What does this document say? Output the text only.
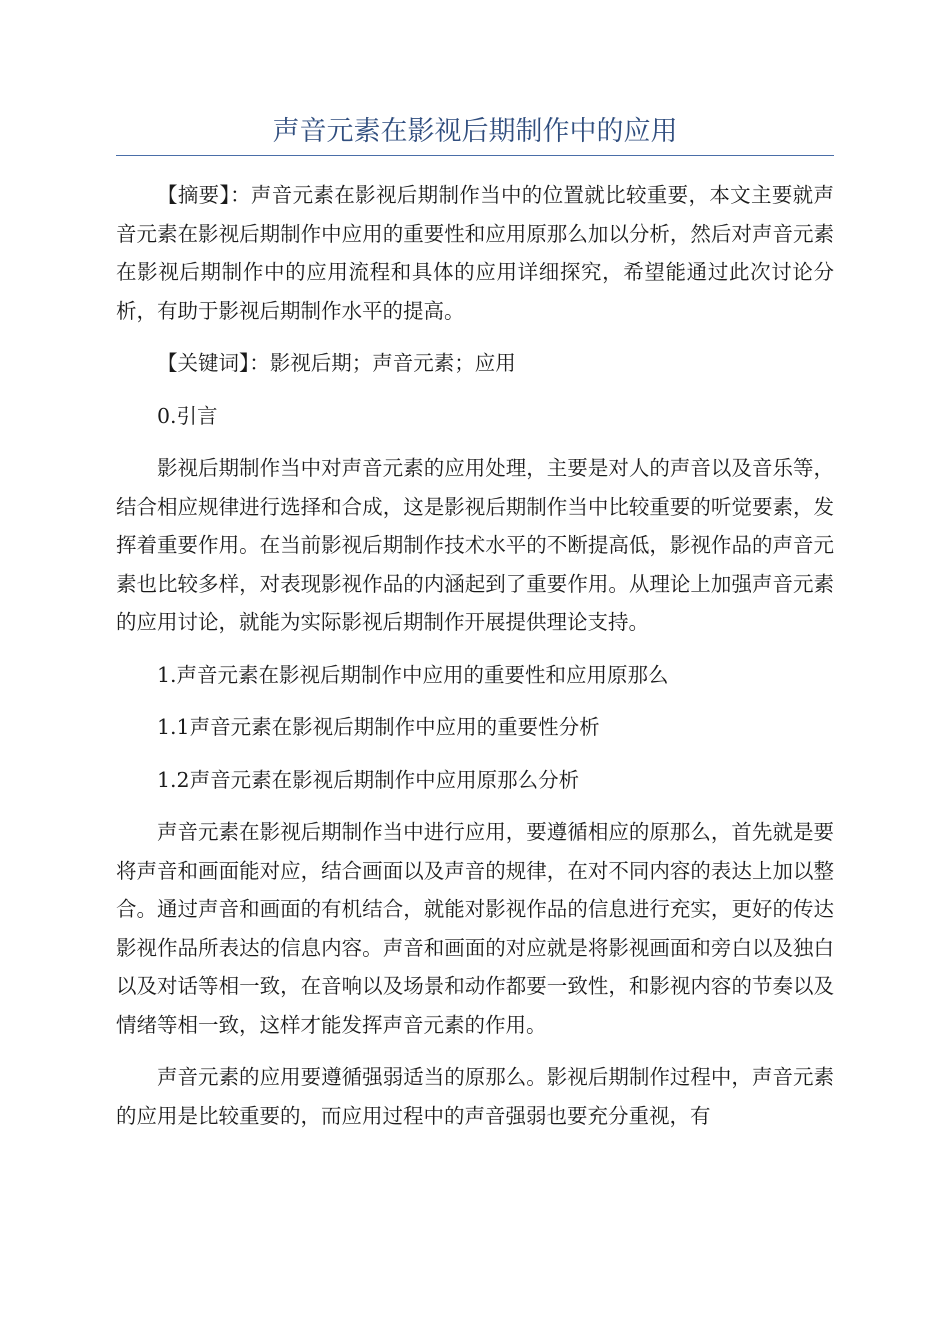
声音元素在影视后期制作中的应用

【摘要】：声音元素在影视后期制作当中的位置就比较重要，本文主要就声音元素在影视后期制作中应用的重要性和应用原那么加以分析，然后对声音元素在影视后期制作中的应用流程和具体的应用详细探究，希望能通过此次讨论分析，有助于影视后期制作水平的提高。

【关键词】：影视后期；声音元素；应用

0.引言

影视后期制作当中对声音元素的应用处理，主要是对人的声音以及音乐等，结合相应规律进行选择和合成，这是影视后期制作当中比较重要的听觉要素，发挥着重要作用。在当前影视后期制作技术水平的不断提高低，影视作品的声音元素也比较多样，对表现影视作品的内涵起到了重要作用。从理论上加强声音元素的应用讨论，就能为实际影视后期制作开展提供理论支持。

1.声音元素在影视后期制作中应用的重要性和应用原那么

1.1声音元素在影视后期制作中应用的重要性分析

1.2声音元素在影视后期制作中应用原那么分析

声音元素在影视后期制作当中进行应用，要遵循相应的原那么，首先就是要将声音和画面能对应，结合画面以及声音的规律，在对不同内容的表达上加以整合。通过声音和画面的有机结合，就能对影视作品的信息进行充实，更好的传达影视作品所表达的信息内容。声音和画面的对应就是将影视画面和旁白以及独白以及对话等相一致，在音响以及场景和动作都要一致性，和影视内容的节奏以及情绪等相一致，这样才能发挥声音元素的作用。

声音元素的应用要遵循强弱适当的原那么。影视后期制作过程中，声音元素的应用是比较重要的，而应用过程中的声音强弱也要充分重视，有
